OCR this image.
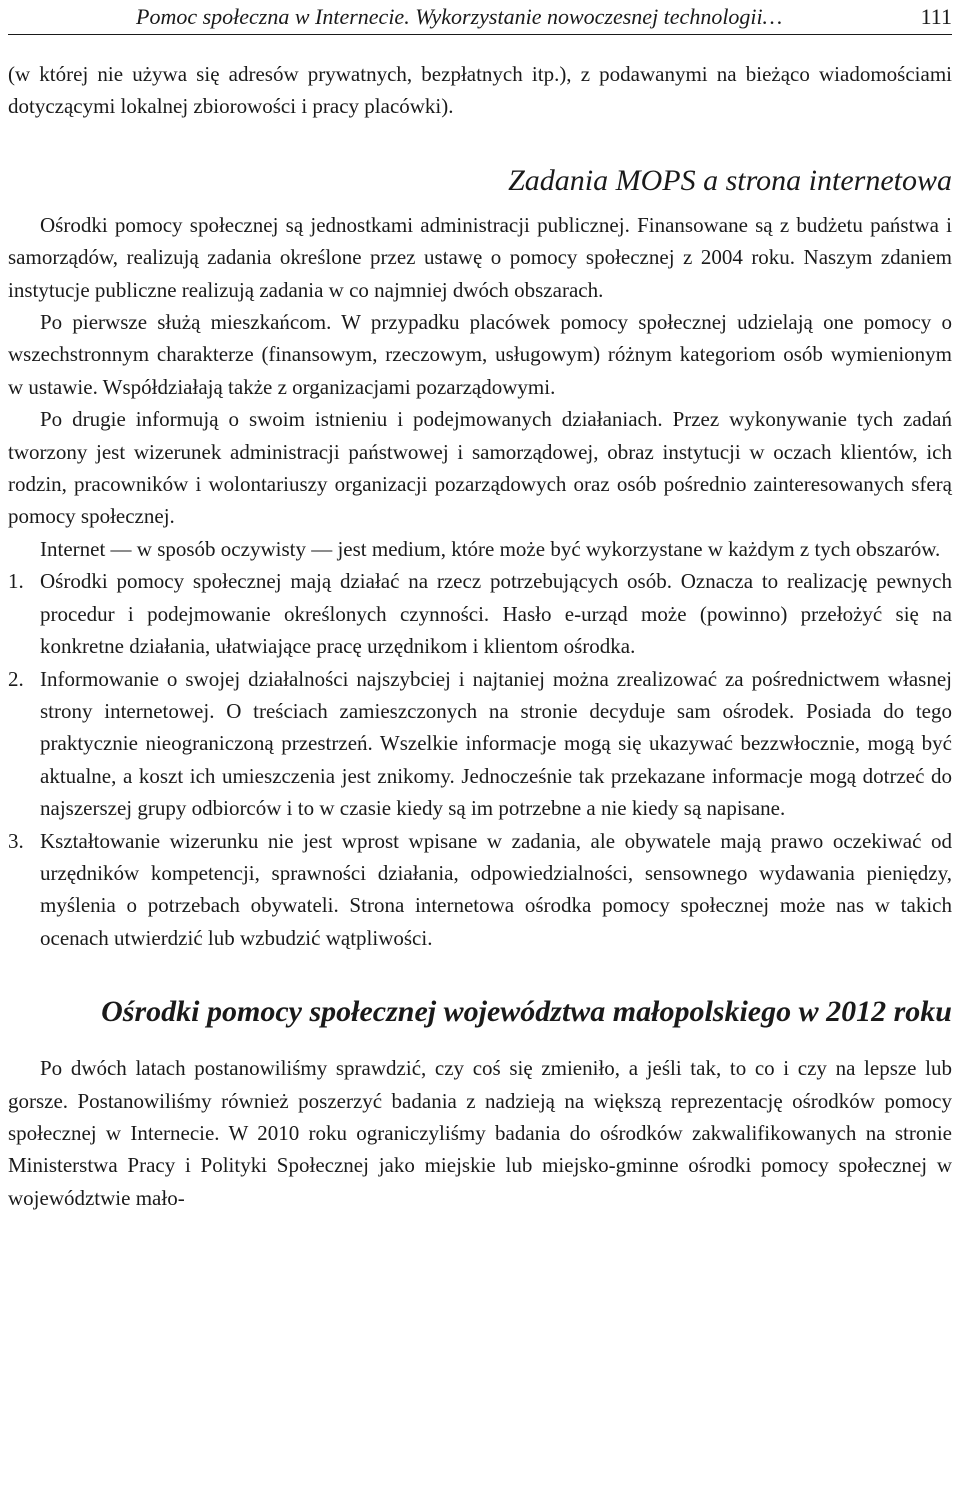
Pomoc społeczna w Internecie. Wykorzystanie nowoczesnej technologii…	111

(w której nie używa się adresów prywatnych, bezpłatnych itp.), z podawanymi na bieżąco wiadomościami dotyczącymi lokalnej zbiorowości i pracy placówki).

Zadania MOPS a strona internetowa

Ośrodki pomocy społecznej są jednostkami administracji publicznej. Finansowane są z budżetu państwa i samorządów, realizują zadania określone przez ustawę o pomocy społecznej z 2004 roku. Naszym zdaniem instytucje publiczne realizują zadania w co najmniej dwóch obszarach.

Po pierwsze służą mieszkańcom. W przypadku placówek pomocy społecznej udzielają one pomocy o wszechstronnym charakterze (finansowym, rzeczowym, usługowym) różnym kategoriom osób wymienionym w ustawie. Współdziałają także z organizacjami pozarządowymi.

Po drugie informują o swoim istnieniu i podejmowanych działaniach. Przez wykonywanie tych zadań tworzony jest wizerunek administracji państwowej i samorządowej, obraz instytucji w oczach klientów, ich rodzin, pracowników i wolontariuszy organizacji pozarządowych oraz osób pośrednio zainteresowanych sferą pomocy społecznej.

Internet — w sposób oczywisty — jest medium, które może być wykorzystane w każdym z tych obszarów.

1. Ośrodki pomocy społecznej mają działać na rzecz potrzebujących osób. Oznacza to realizację pewnych procedur i podejmowanie określonych czynności. Hasło e-urząd może (powinno) przełożyć się na konkretne działania, ułatwiające pracę urzędnikom i klientom ośrodka.

2. Informowanie o swojej działalności najszybciej i najtaniej można zrealizować za pośrednictwem własnej strony internetowej. O treściach zamieszczonych na stronie decyduje sam ośrodek. Posiada do tego praktycznie nieograniczoną przestrzeń. Wszelkie informacje mogą się ukazywać bezzwłocznie, mogą być aktualne, a koszt ich umieszczenia jest znikomy. Jednocześnie tak przekazane informacje mogą dotrzeć do najszerszej grupy odbiorców i to w czasie kiedy są im potrzebne a nie kiedy są napisane.

3. Kształtowanie wizerunku nie jest wprost wpisane w zadania, ale obywatele mają prawo oczekiwać od urzędników kompetencji, sprawności działania, odpowiedzialności, sensownego wydawania pieniędzy, myślenia o potrzebach obywateli. Strona internetowa ośrodka pomocy społecznej może nas w takich ocenach utwierdzić lub wzbudzić wątpliwości.

Ośrodki pomocy społecznej województwa małopolskiego w 2012 roku

Po dwóch latach postanowiliśmy sprawdzić, czy coś się zmieniło, a jeśli tak, to co i czy na lepsze lub gorsze. Postanowiliśmy również poszerzyć badania z nadzieją na większą reprezentację ośrodków pomocy społecznej w Internecie. W 2010 roku ograniczyliśmy badania do ośrodków zakwalifikowanych na stronie Ministerstwa Pracy i Polityki Społecznej jako miejskie lub miejsko-gminne ośrodki pomocy społecznej w województwie mało-
